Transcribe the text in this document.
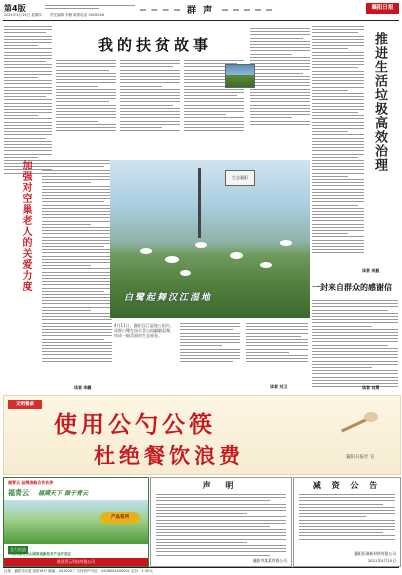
第4版
2021年4月15日 星期四 责任编辑 李静 联系电话 3020046	群 声	襄阳日报
我的扶贫故事
加强对空巢老人的关爱力度
读者 李鹏
生态襄阳
白鹭起舞汉江湿地
4月11日，襄阳汉江湿地公园内，成群白鹭在绿水青山间翩翩起舞，构成一幅美丽的生态画卷。
读者 刘卫
推进生活垃圾高效治理
读者 吴毅
一封来自群众的感谢信
读者 刘勇
文明餐桌
使用公勺公筷
杜绝餐饮浪费	襄阳日报社 宣
福青云 品牌战略合作伙伴
福青云 福满天下 源于青云
产品系列
全力打造
中国西部青云山国家高新技术产业开发区
陕西青云科技有限公司
声 明
襄阳市某某有限公司
减 资 公 告
襄阳恒瑞新材料有限公司
2021年4月15日
社址：襄阳市长虹北路18号 邮编：441000 广告经营许可证：4206004000001 定价：1.50元
